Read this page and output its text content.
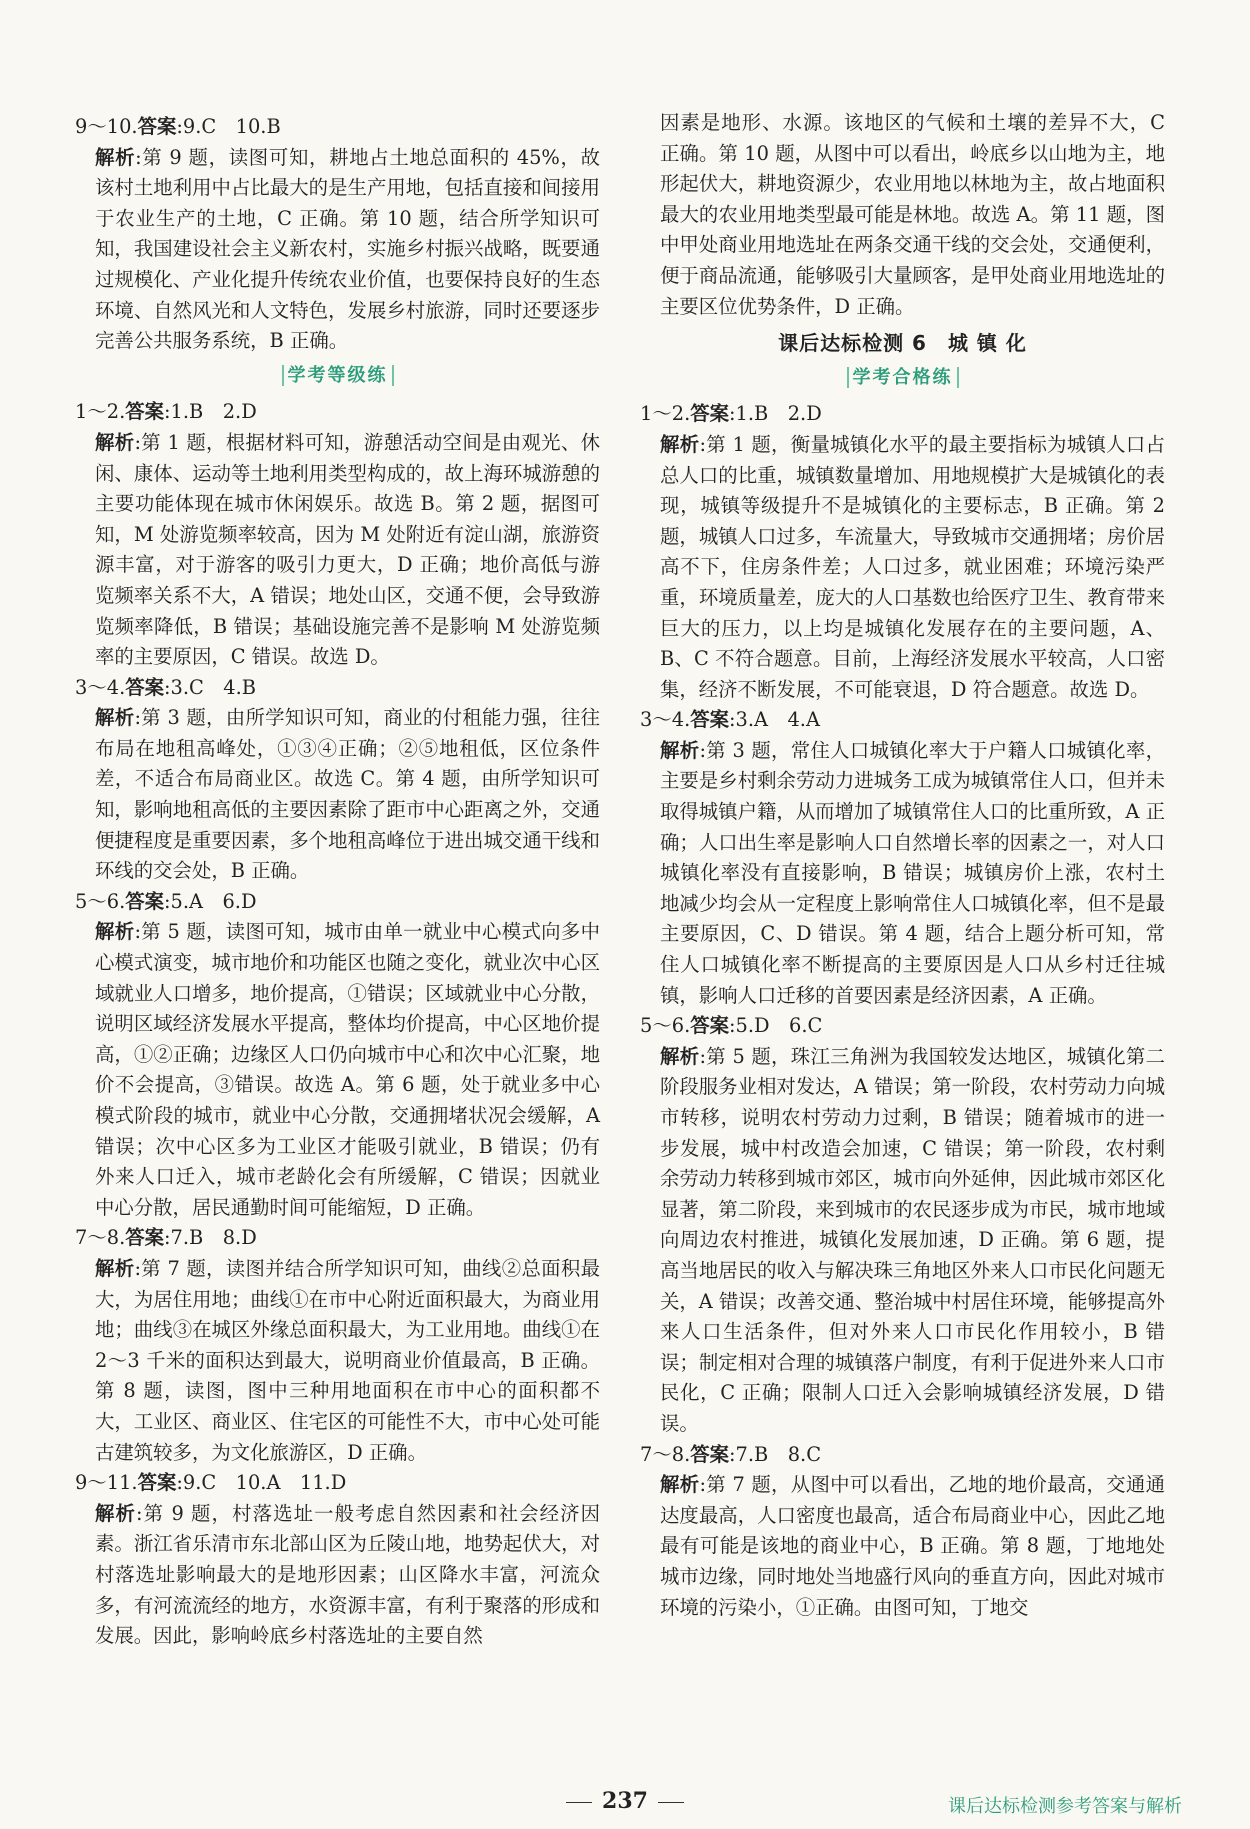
9～10.答案:9.C　10.B
解析:第 9 题，读图可知，耕地占土地总面积的 45%，故该村土地利用中占比最大的是生产用地，包括直接和间接用于农业生产的土地，C 正确。第 10 题，结合所学知识可知，我国建设社会主义新农村，实施乡村振兴战略，既要通过规模化、产业化提升传统农业价值，也要保持良好的生态环境、自然风光和人文特色，发展乡村旅游，同时还要逐步完善公共服务系统，B 正确。
学考等级练
1～2.答案:1.B　2.D
解析:第 1 题，根据材料可知，游憩活动空间是由观光、休闲、康体、运动等土地利用类型构成的，故上海环城游憩的主要功能体现在城市休闲娱乐。故选 B。第 2 题，据图可知，M 处游览频率较高，因为 M 处附近有淀山湖，旅游资源丰富，对于游客的吸引力更大，D 正确；地价高低与游览频率关系不大，A 错误；地处山区，交通不便，会导致游览频率降低，B 错误；基础设施完善不是影响 M 处游览频率的主要原因，C 错误。故选 D。
3～4.答案:3.C　4.B
解析:第 3 题，由所学知识可知，商业的付租能力强，往往布局在地租高峰处，①③④正确；②⑤地租低，区位条件差，不适合布局商业区。故选 C。第 4 题，由所学知识可知，影响地租高低的主要因素除了距市中心距离之外，交通便捷程度是重要因素，多个地租高峰位于进出城交通干线和环线的交会处，B 正确。
5～6.答案:5.A　6.D
解析:第 5 题，读图可知，城市由单一就业中心模式向多中心模式演变，城市地价和功能区也随之变化，就业次中心区域就业人口增多，地价提高，①错误；区域就业中心分散，说明区域经济发展水平提高，整体均价提高，中心区地价提高，①②正确；边缘区人口仍向城市中心和次中心汇聚，地价不会提高，③错误。故选 A。第 6 题，处于就业多中心模式阶段的城市，就业中心分散，交通拥堵状况会缓解，A 错误；次中心区多为工业区才能吸引就业，B 错误；仍有外来人口迁入，城市老龄化会有所缓解，C 错误；因就业中心分散，居民通勤时间可能缩短，D 正确。
7～8.答案:7.B　8.D
解析:第 7 题，读图并结合所学知识可知，曲线②总面积最大，为居住用地；曲线①在市中心附近面积最大，为商业用地；曲线③在城区外缘总面积最大，为工业用地。曲线①在 2～3 千米的面积达到最大，说明商业价值最高，B 正确。第 8 题，读图，图中三种用地面积在市中心的面积都不大，工业区、商业区、住宅区的可能性不大，市中心处可能古建筑较多，为文化旅游区，D 正确。
9～11.答案:9.C　10.A　11.D
解析:第 9 题，村落选址一般考虑自然因素和社会经济因素。浙江省乐清市东北部山区为丘陵山地，地势起伏大，对村落选址影响最大的是地形因素；山区降水丰富，河流众多，有河流流经的地方，水资源丰富，有利于聚落的形成和发展。因此，影响岭底乡村落选址的主要自然
因素是地形、水源。该地区的气候和土壤的差异不大，C 正确。第 10 题，从图中可以看出，岭底乡以山地为主，地形起伏大，耕地资源少，农业用地以林地为主，故占地面积最大的农业用地类型最可能是林地。故选 A。第 11 题，图中甲处商业用地选址在两条交通干线的交会处，交通便利，便于商品流通，能够吸引大量顾客，是甲处商业用地选址的主要区位优势条件，D 正确。
课后达标检测 6　城 镇 化
学考合格练
1～2.答案:1.B　2.D
解析:第 1 题，衡量城镇化水平的最主要指标为城镇人口占总人口的比重，城镇数量增加、用地规模扩大是城镇化的表现，城镇等级提升不是城镇化的主要标志，B 正确。第 2 题，城镇人口过多，车流量大，导致城市交通拥堵；房价居高不下，住房条件差；人口过多，就业困难；环境污染严重，环境质量差，庞大的人口基数也给医疗卫生、教育带来巨大的压力，以上均是城镇化发展存在的主要问题，A、B、C 不符合题意。目前，上海经济发展水平较高，人口密集，经济不断发展，不可能衰退，D 符合题意。故选 D。
3～4.答案:3.A　4.A
解析:第 3 题，常住人口城镇化率大于户籍人口城镇化率，主要是乡村剩余劳动力进城务工成为城镇常住人口，但并未取得城镇户籍，从而增加了城镇常住人口的比重所致，A 正确；人口出生率是影响人口自然增长率的因素之一，对人口城镇化率没有直接影响，B 错误；城镇房价上涨，农村土地减少均会从一定程度上影响常住人口城镇化率，但不是最主要原因，C、D 错误。第 4 题，结合上题分析可知，常住人口城镇化率不断提高的主要原因是人口从乡村迁往城镇，影响人口迁移的首要因素是经济因素，A 正确。
5～6.答案:5.D　6.C
解析:第 5 题，珠江三角洲为我国较发达地区，城镇化第二阶段服务业相对发达，A 错误；第一阶段，农村劳动力向城市转移，说明农村劳动力过剩，B 错误；随着城市的进一步发展，城中村改造会加速，C 错误；第一阶段，农村剩余劳动力转移到城市郊区，城市向外延伸，因此城市郊区化显著，第二阶段，来到城市的农民逐步成为市民，城市地域向周边农村推进，城镇化发展加速，D 正确。第 6 题，提高当地居民的收入与解决珠三角地区外来人口市民化问题无关，A 错误；改善交通、整治城中村居住环境，能够提高外来人口生活条件，但对外来人口市民化作用较小，B 错误；制定相对合理的城镇落户制度，有利于促进外来人口市民化，C 正确；限制人口迁入会影响城镇经济发展，D 错误。
7～8.答案:7.B　8.C
解析:第 7 题，从图中可以看出，乙地的地价最高，交通通达度最高，人口密度也最高，适合布局商业中心，因此乙地最有可能是该地的商业中心，B 正确。第 8 题，丁地地处城市边缘，同时地处当地盛行风向的垂直方向，因此对城市环境的污染小，①正确。由图可知，丁地交
237	课后达标检测参考答案与解析
